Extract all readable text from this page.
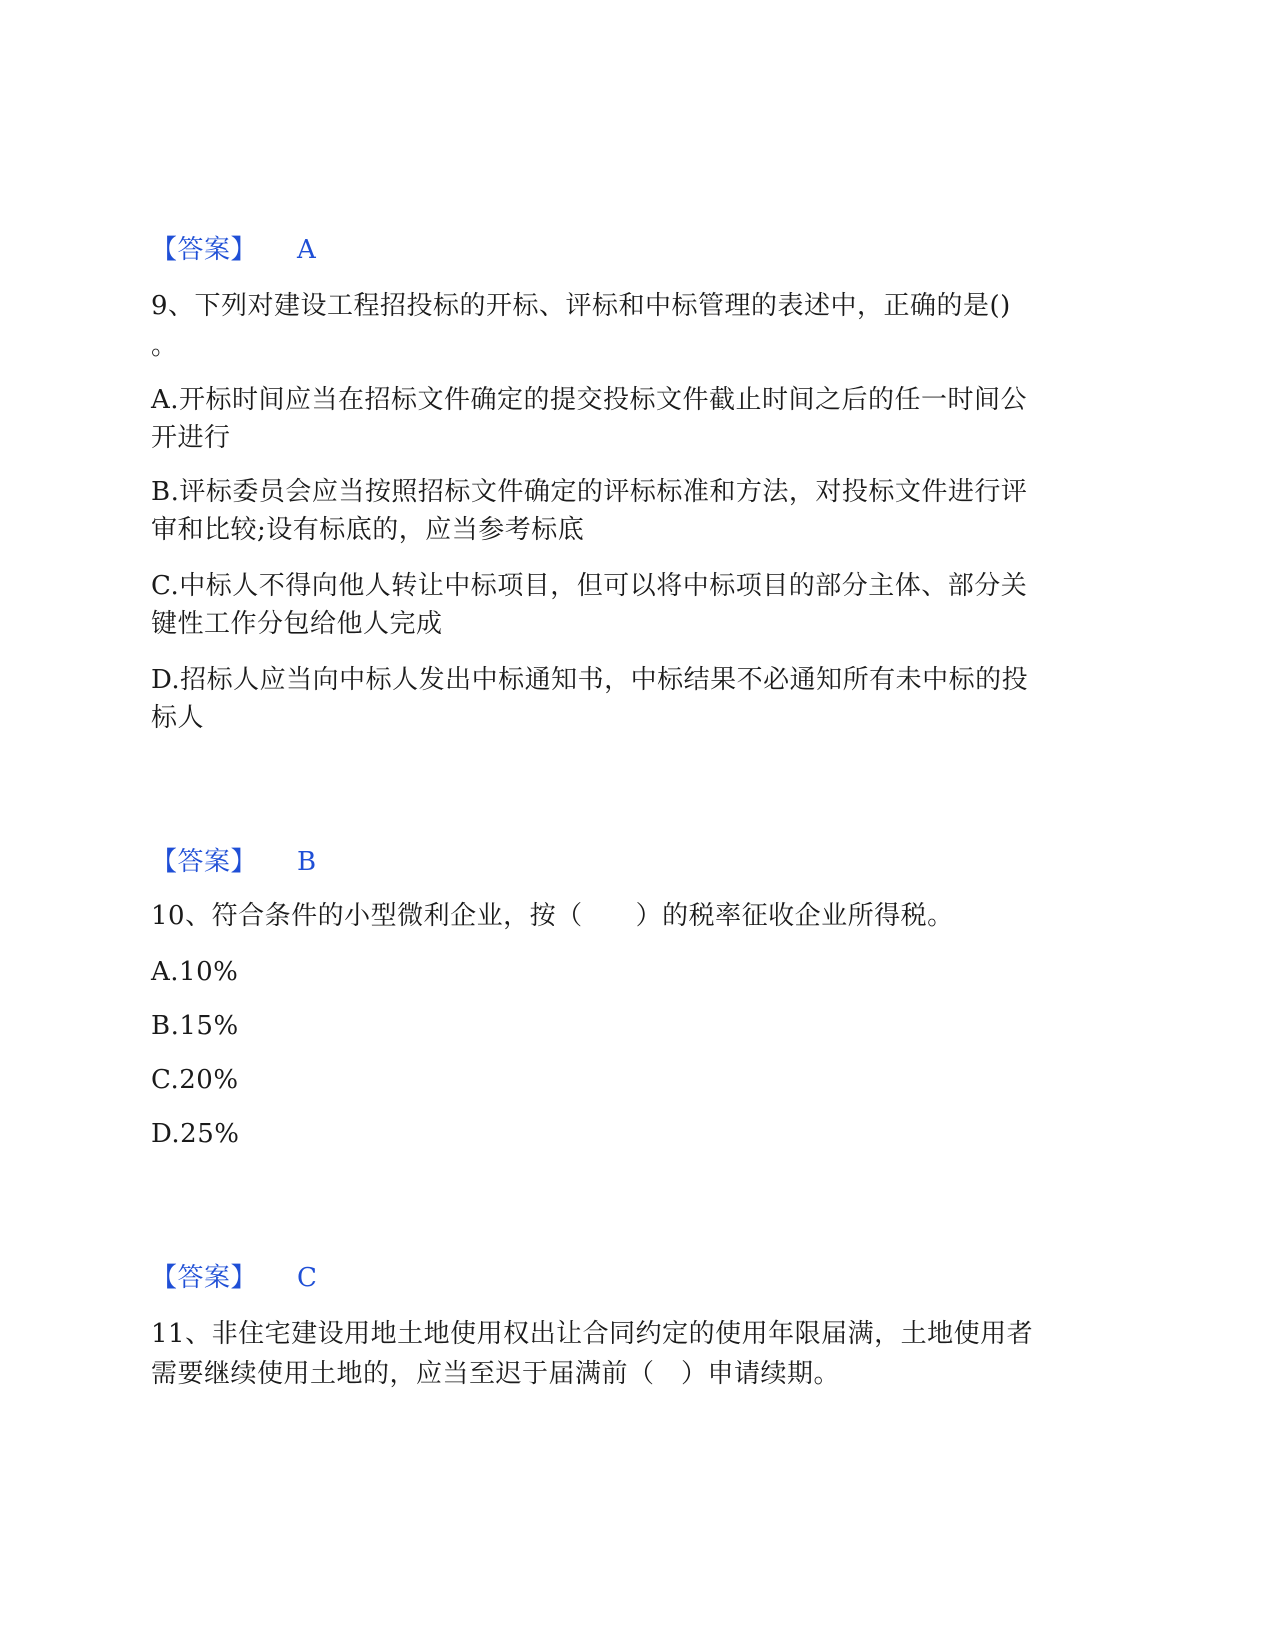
【答案】 A
9、下列对建设工程招投标的开标、评标和中标管理的表述中，正确的是()
。
A.开标时间应当在招标文件确定的提交投标文件截止时间之后的任一时间公
开进行
B.评标委员会应当按照招标文件确定的评标标准和方法，对投标文件进行评
审和比较;设有标底的，应当参考标底
C.中标人不得向他人转让中标项目，但可以将中标项目的部分主体、部分关
键性工作分包给他人完成
D.招标人应当向中标人发出中标通知书，中标结果不必通知所有未中标的投
标人
【答案】 B
10、符合条件的小型微利企业，按（　　）的税率征收企业所得税。
A.10%
B.15%
C.20%
D.25%
【答案】 C
11、非住宅建设用地土地使用权出让合同约定的使用年限届满，土地使用者
需要继续使用土地的，应当至迟于届满前（　）申请续期。
